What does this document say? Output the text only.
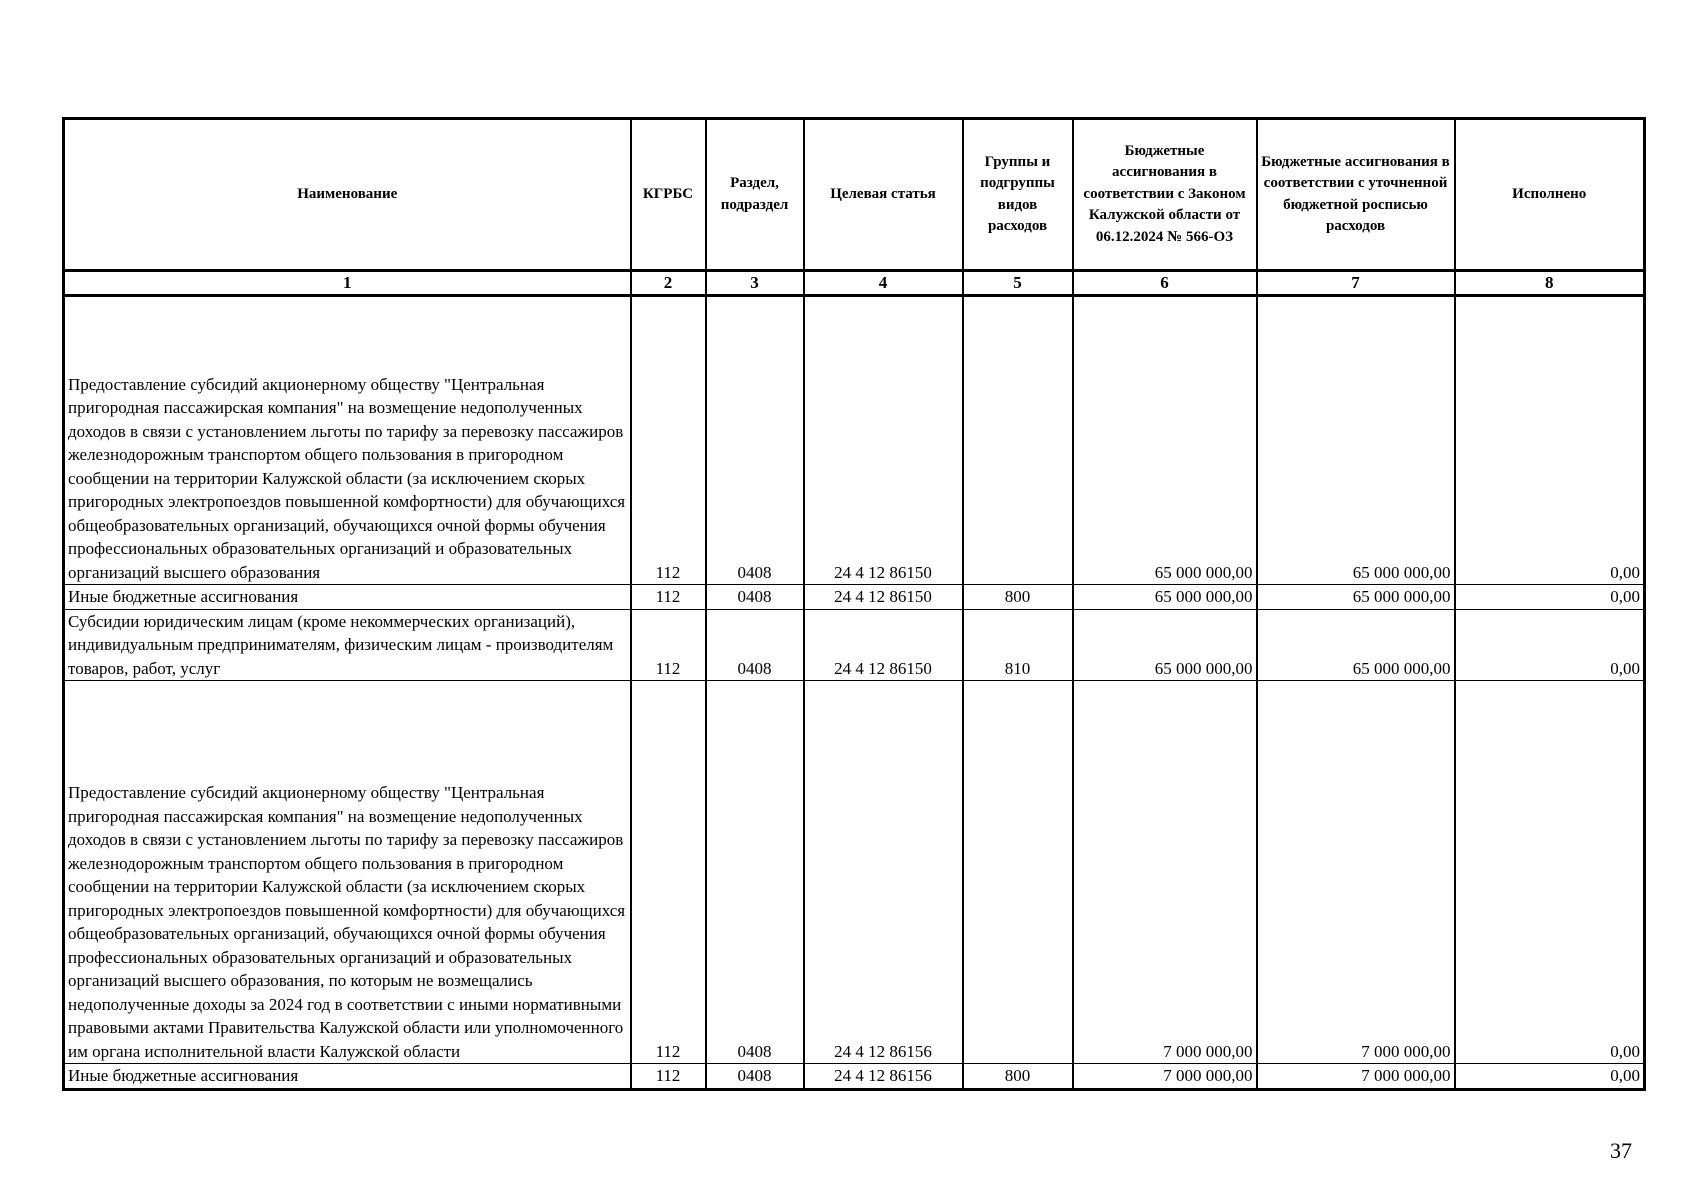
Наименование	КГРБС	Раздел, подраздел	Целевая статья	Группы и подгруппы видов расходов	Бюджетные ассигнования в соответствии с Законом Калужской области от 06.12.2024 № 566-ОЗ	Бюджетные ассигнования в соответствии с уточненной бюджетной росписью расходов	Исполнено
1	2	3	4	5	6	7	8
Предоставление субсидий акционерному обществу "Центральная пригородная пассажирская компания" на возмещение недополученных доходов в связи с установлением льготы по тарифу за перевозку пассажиров железнодорожным транспортом общего пользования в пригородном сообщении на территории Калужской области (за исключением скорых пригородных электропоездов повышенной комфортности) для обучающихся общеобразовательных организаций, обучающихся очной формы обучения профессиональных образовательных организаций и образовательных организаций высшего образования	112	0408	24 4 12 86150		65 000 000,00	65 000 000,00	0,00
Иные бюджетные ассигнования	112	0408	24 4 12 86150	800	65 000 000,00	65 000 000,00	0,00
Субсидии юридическим лицам (кроме некоммерческих организаций), индивидуальным предпринимателям, физическим лицам - производителям товаров, работ, услуг	112	0408	24 4 12 86150	810	65 000 000,00	65 000 000,00	0,00
Предоставление субсидий акционерному обществу "Центральная пригородная пассажирская компания" на возмещение недополученных доходов в связи с установлением льготы по тарифу за перевозку пассажиров железнодорожным транспортом общего пользования в пригородном сообщении на территории Калужской области (за исключением скорых пригородных электропоездов повышенной комфортности) для обучающихся общеобразовательных организаций, обучающихся очной формы обучения профессиональных образовательных организаций и образовательных организаций высшего образования, по которым не возмещались недополученные доходы за 2024 год в соответствии с иными нормативными правовыми актами Правительства Калужской области или уполномоченного им органа исполнительной власти Калужской области	112	0408	24 4 12 86156		7 000 000,00	7 000 000,00	0,00
Иные бюджетные ассигнования	112	0408	24 4 12 86156	800	7 000 000,00	7 000 000,00	0,00
37
